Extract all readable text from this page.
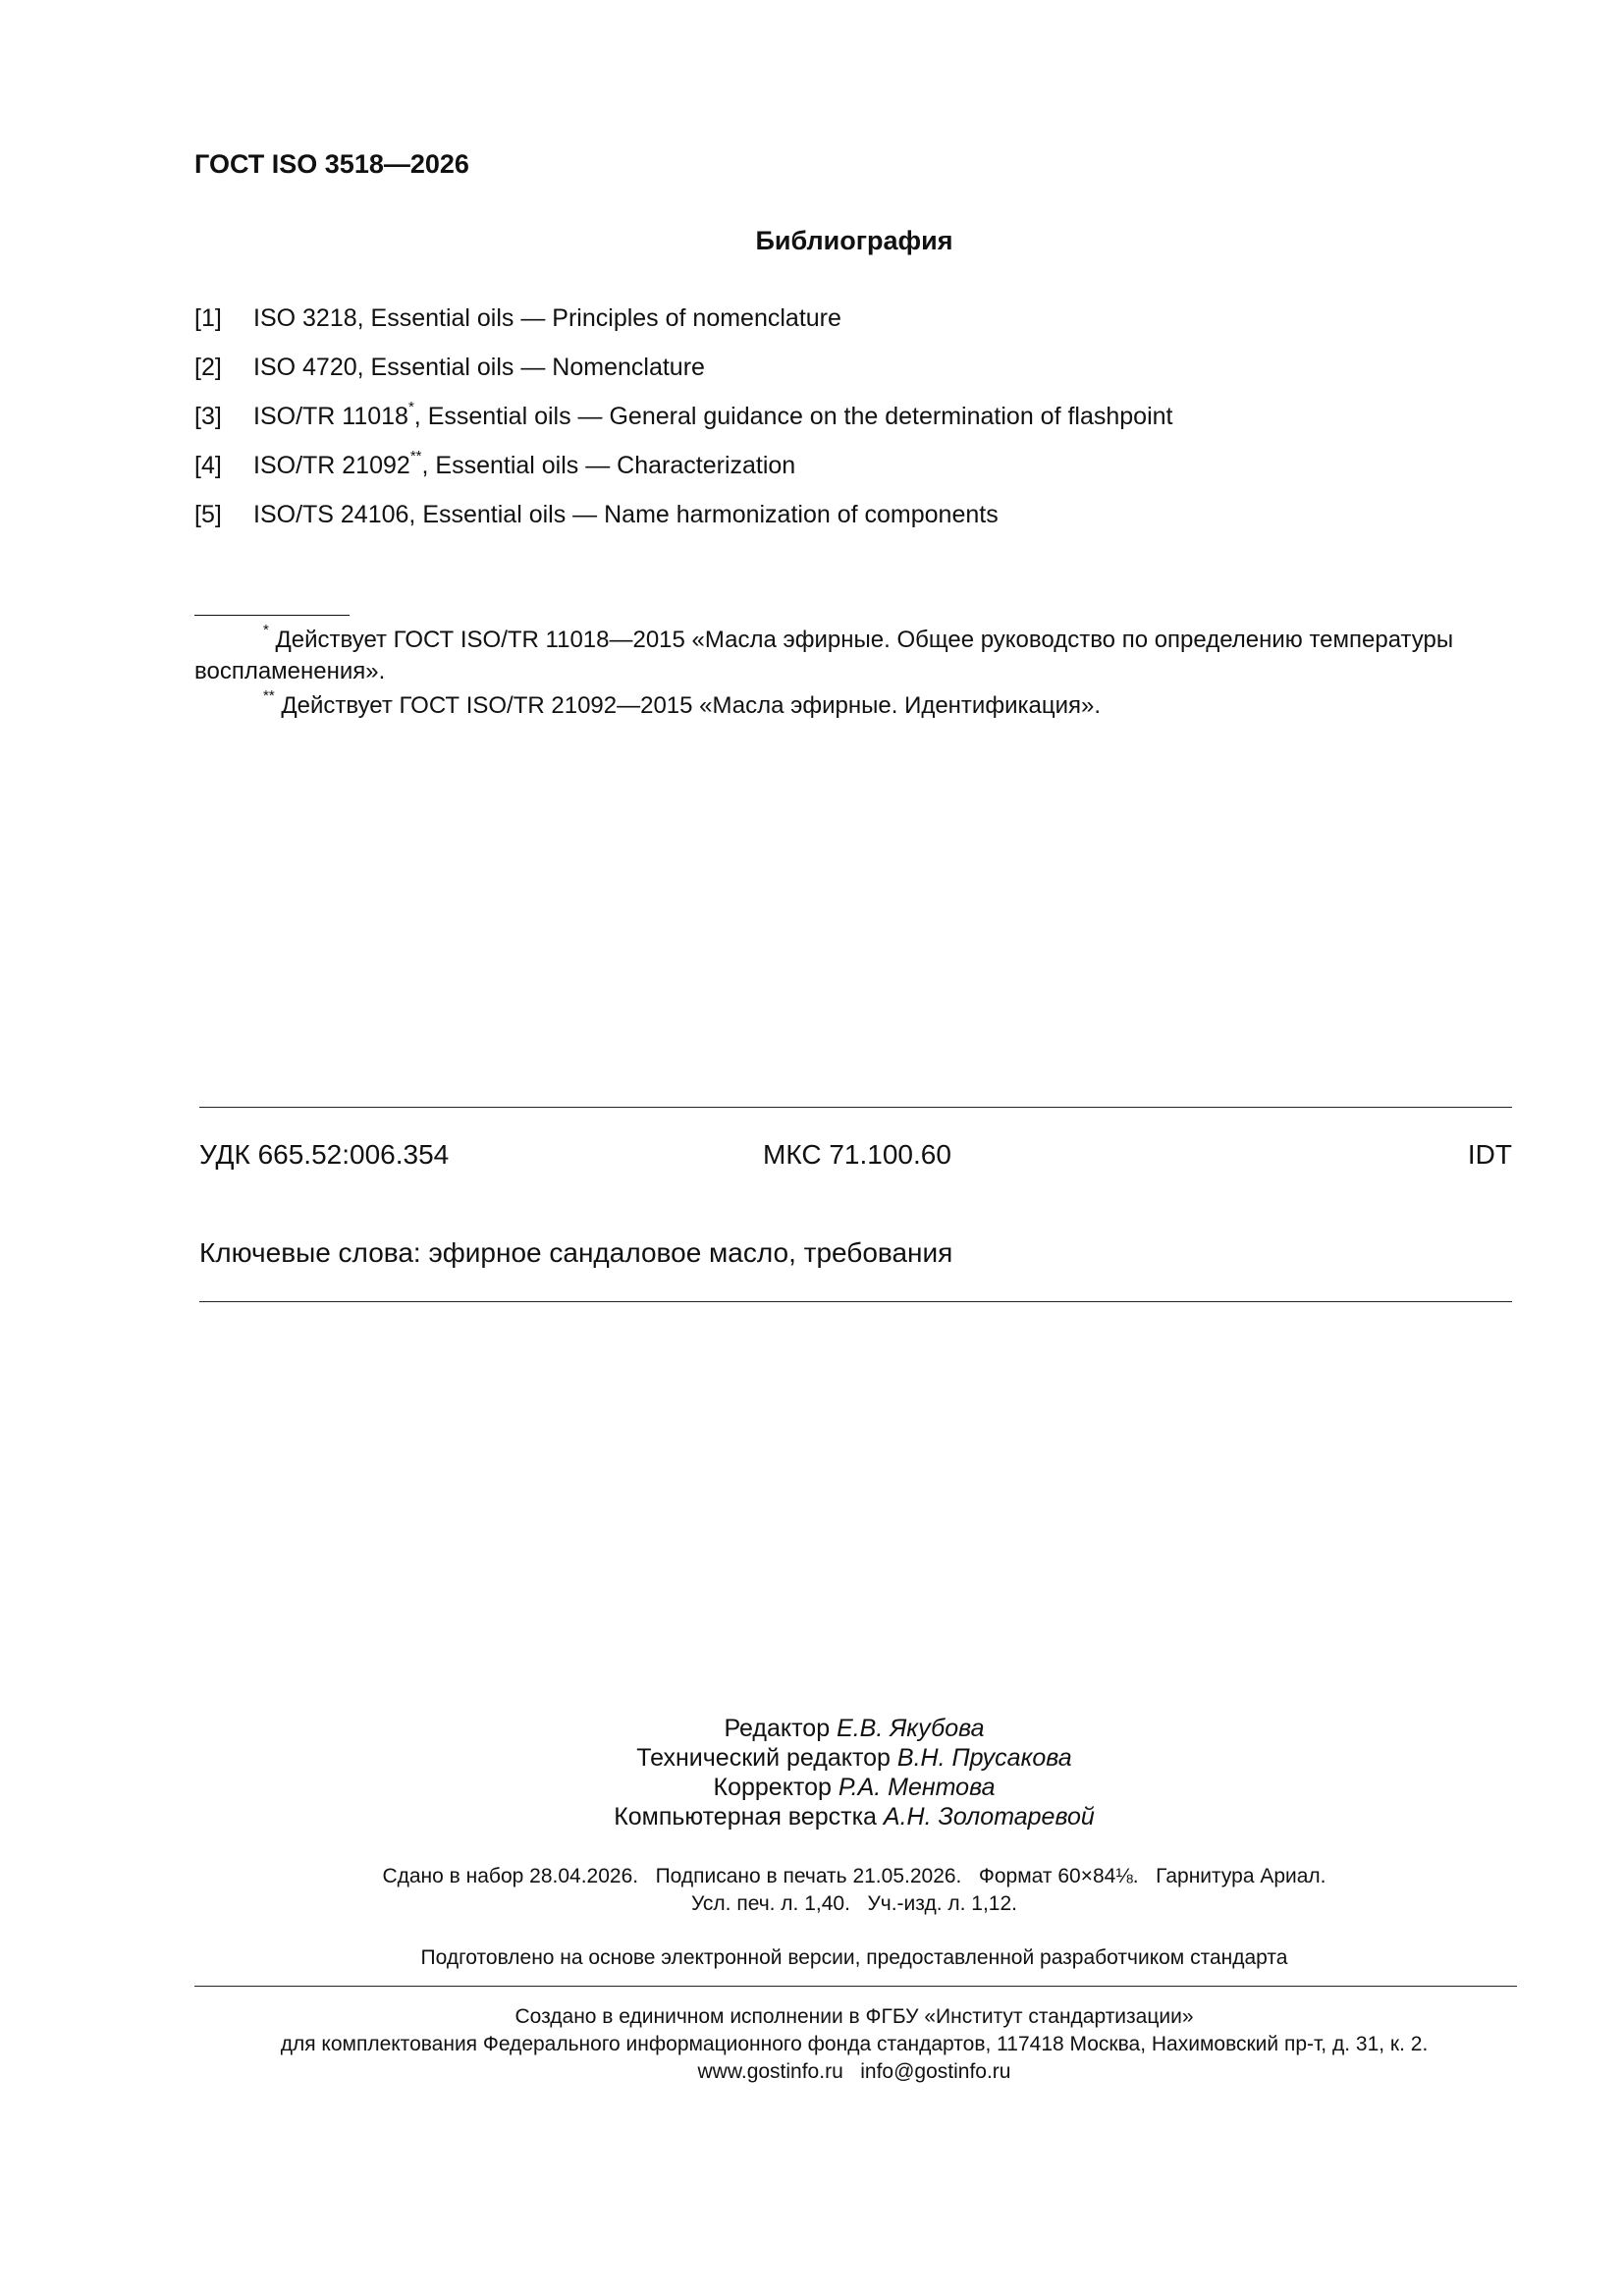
ГОСТ ISO 3518—2026
Библиография
[1] ISO 3218, Essential oils — Principles of nomenclature
[2] ISO 4720, Essential oils — Nomenclature
[3] ISO/TR 11018*, Essential oils — General guidance on the determination of flashpoint
[4] ISO/TR 21092**, Essential oils — Characterization
[5] ISO/TS 24106, Essential oils — Name harmonization of components
* Действует ГОСТ ISO/TR 11018—2015 «Масла эфирные. Общее руководство по определению температуры воспламенения».
** Действует ГОСТ ISO/TR 21092—2015 «Масла эфирные. Идентификация».
УДК 665.52:006.354	МКС 71.100.60	IDT
Ключевые слова: эфирное сандаловое масло, требования
Редактор Е.В. Якубова
Технический редактор В.Н. Прусакова
Корректор Р.А. Ментова
Компьютерная верстка А.Н. Золотаревой
Сдано в набор 28.04.2026.   Подписано в печать 21.05.2026.   Формат 60×84⅛.   Гарнитура Ариал.
Усл. печ. л. 1,40.   Уч.-изд. л. 1,12.
Подготовлено на основе электронной версии, предоставленной разработчиком стандарта
Создано в единичном исполнении в ФГБУ «Институт стандартизации»
для комплектования Федерального информационного фонда стандартов, 117418 Москва, Нахимовский пр-т, д. 31, к. 2.
www.gostinfo.ru   info@gostinfo.ru
